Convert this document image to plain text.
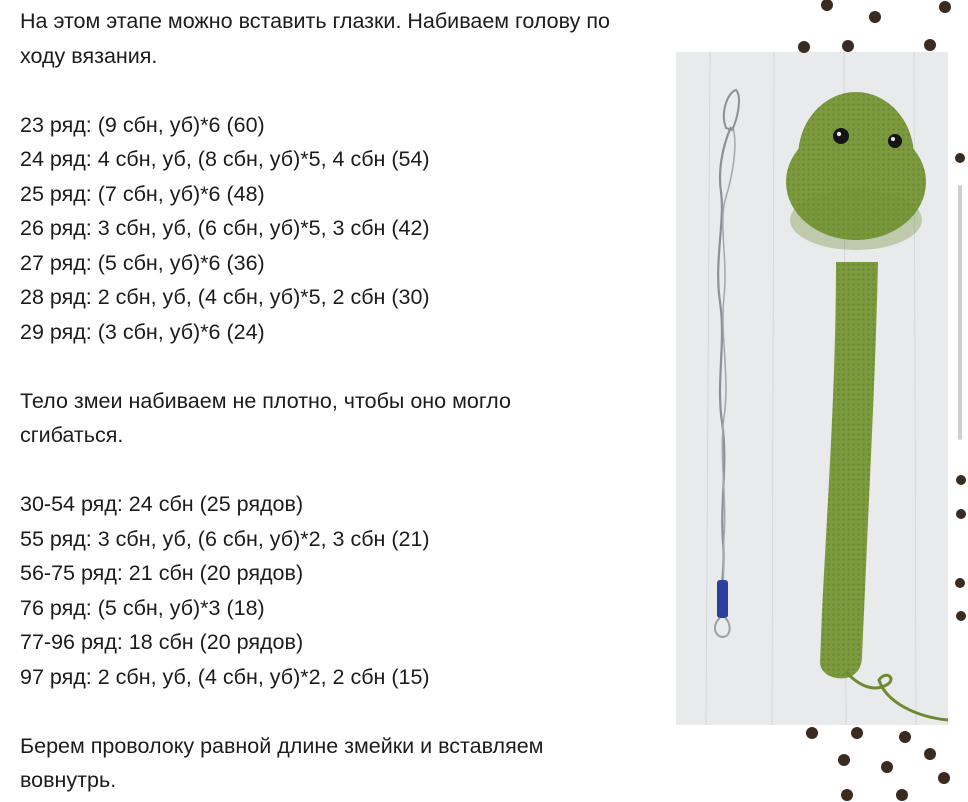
На этом этапе можно вставить глазки. Набиваем голову по

ходу вязания.

23 ряд: (9 сбн, уб)*6 (60)

24 ряд: 4 сбн, уб, (8 сбн, уб)*5, 4 сбн (54)

25 ряд: (7 сбн, уб)*6 (48)

26 ряд: 3 сбн, уб, (6 сбн, уб)*5, 3 сбн (42)

27 ряд: (5 сбн, уб)*6 (36)

28 ряд: 2 сбн, уб, (4 сбн, уб)*5, 2 сбн (30)

29 ряд: (3 сбн, уб)*6 (24)

Тело змеи набиваем не плотно, чтобы оно могло

сгибаться.

30-54 ряд: 24 сбн (25 рядов)

55 ряд: 3 сбн, уб, (6 сбн, уб)*2, 3 сбн (21)

56-75 ряд: 21 сбн (20 рядов)

76 ряд: (5 сбн, уб)*3 (18)

77-96 ряд: 18 сбн (20 рядов)

97 ряд: 2 сбн, уб, (4 сбн, уб)*2, 2 сбн (15)

Берем проволоку равной длине змейки и вставляем

вовнутрь.
